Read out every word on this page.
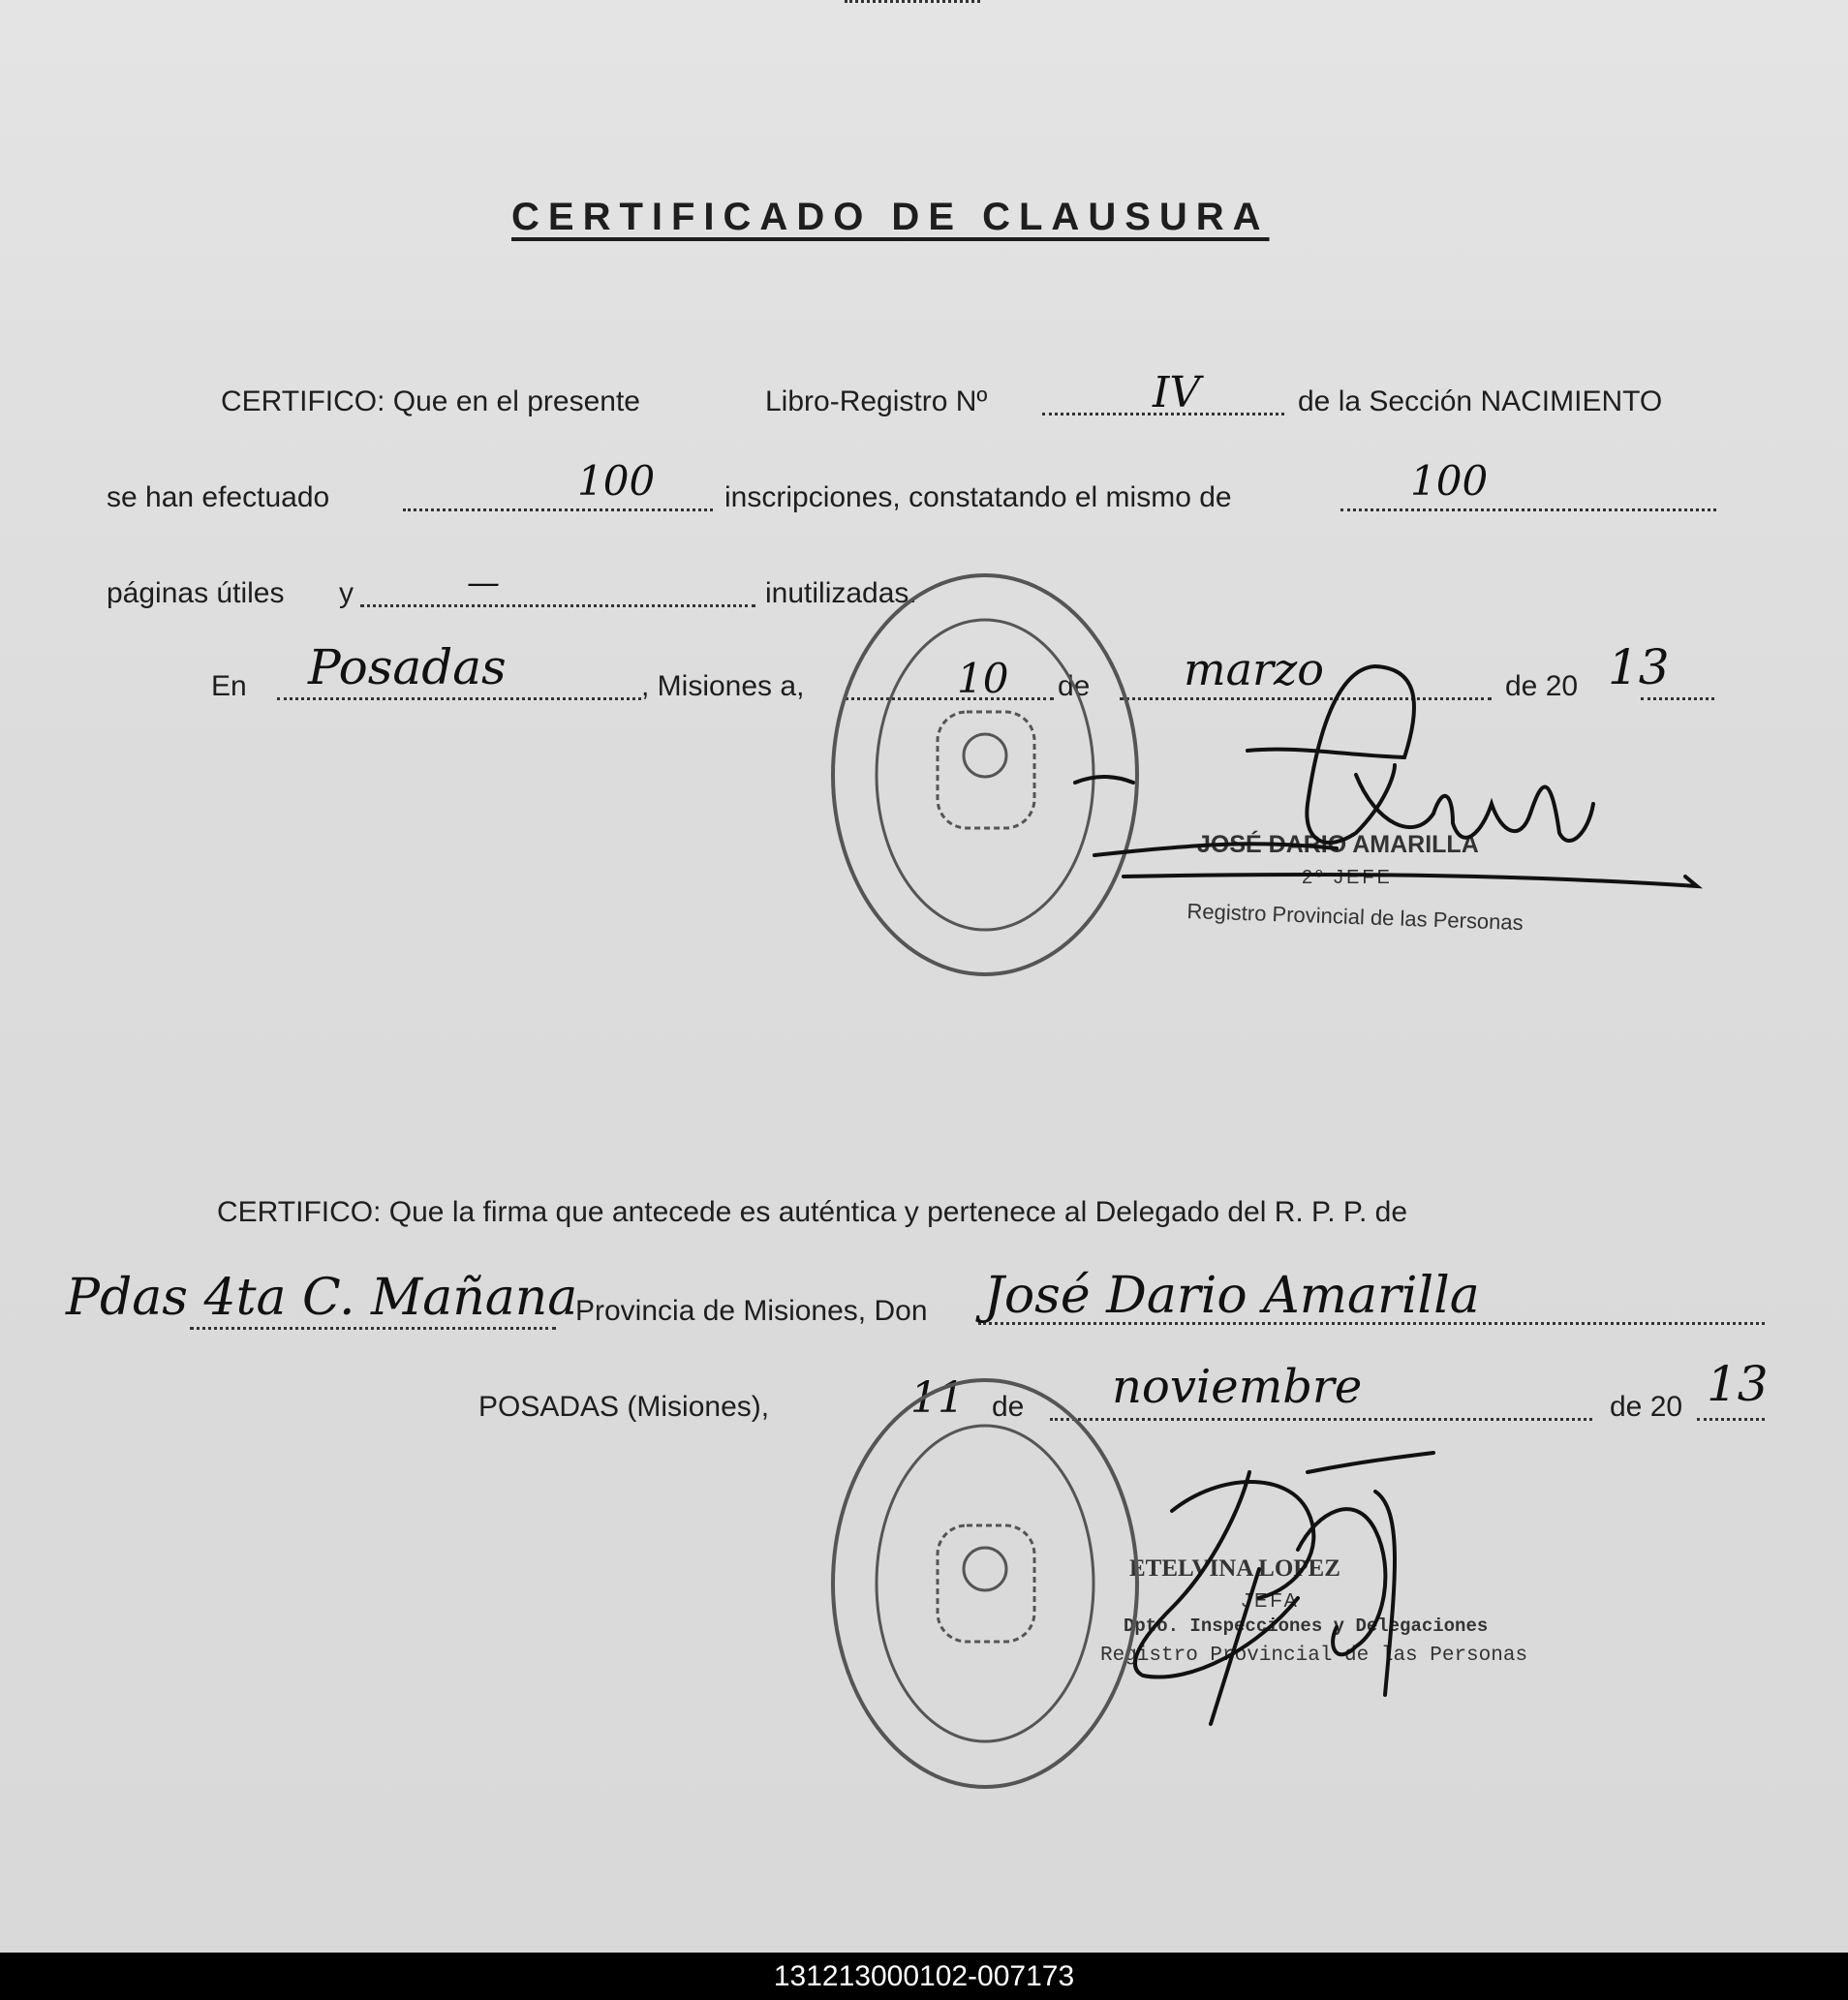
CERTIFICADO DE CLAUSURA
CERTIFICO: Que en el presente	Libro-Registro Nº	de la Sección NACIMIENTO
IV
se han efectuado	100 inscripciones, constatando el mismo de	100
páginas útiles y	—	inutilizadas.
En Posadas	, Misiones a,	10 de marzo	de 20 13
JOSÉ DARIO AMARILLA
2º JEFE
Registro Provincial de las Personas
CERTIFICO: Que la firma que antecede es auténtica y pertenece al Delegado del R. P. P. de
Pdas 4ta C. Mañana
Provincia de Misiones, Don José Dario Amarilla
POSADAS (Misiones),	11 de noviembre	de 20 13
ETELVINA LOPEZ
JEFA
Dpto. Inspecciones y Delegaciones
Registro Provincial de las Personas
131213000102-007173
